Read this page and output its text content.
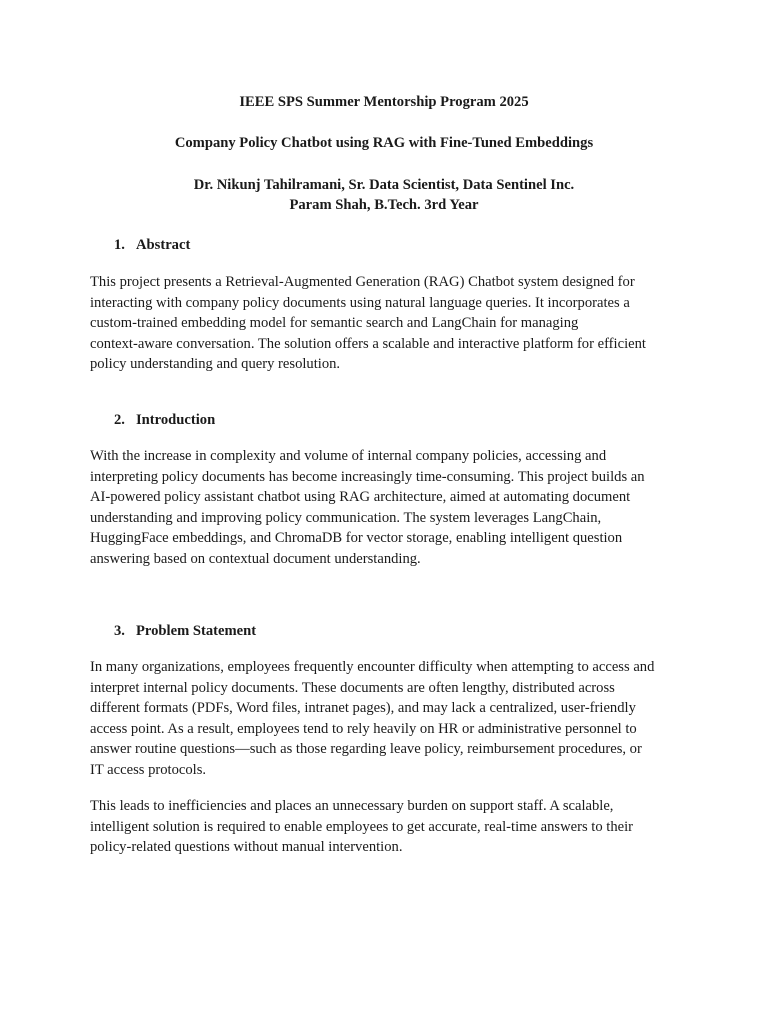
IEEE SPS Summer Mentorship Program 2025

Company Policy Chatbot using RAG with Fine-Tuned Embeddings

Dr. Nikunj Tahilramani, Sr. Data Scientist, Data Sentinel Inc.

Param Shah, B.Tech. 3rd Year

1. Abstract

This project presents a Retrieval-Augmented Generation (RAG) Chatbot system designed for
interacting with company policy documents using natural language queries. It incorporates a
custom-trained embedding model for semantic search and LangChain for managing
context-aware conversation. The solution offers a scalable and interactive platform for efficient
policy understanding and query resolution.

2. Introduction

With the increase in complexity and volume of internal company policies, accessing and
interpreting policy documents has become increasingly time-consuming. This project builds an
AI-powered policy assistant chatbot using RAG architecture, aimed at automating document
understanding and improving policy communication. The system leverages LangChain,
HuggingFace embeddings, and ChromaDB for vector storage, enabling intelligent question
answering based on contextual document understanding.

3. Problem Statement

In many organizations, employees frequently encounter difficulty when attempting to access and
interpret internal policy documents. These documents are often lengthy, distributed across
different formats (PDFs, Word files, intranet pages), and may lack a centralized, user-friendly
access point. As a result, employees tend to rely heavily on HR or administrative personnel to
answer routine questions—such as those regarding leave policy, reimbursement procedures, or
IT access protocols.
This leads to inefficiencies and places an unnecessary burden on support staff. A scalable,
intelligent solution is required to enable employees to get accurate, real-time answers to their
policy-related questions without manual intervention.
